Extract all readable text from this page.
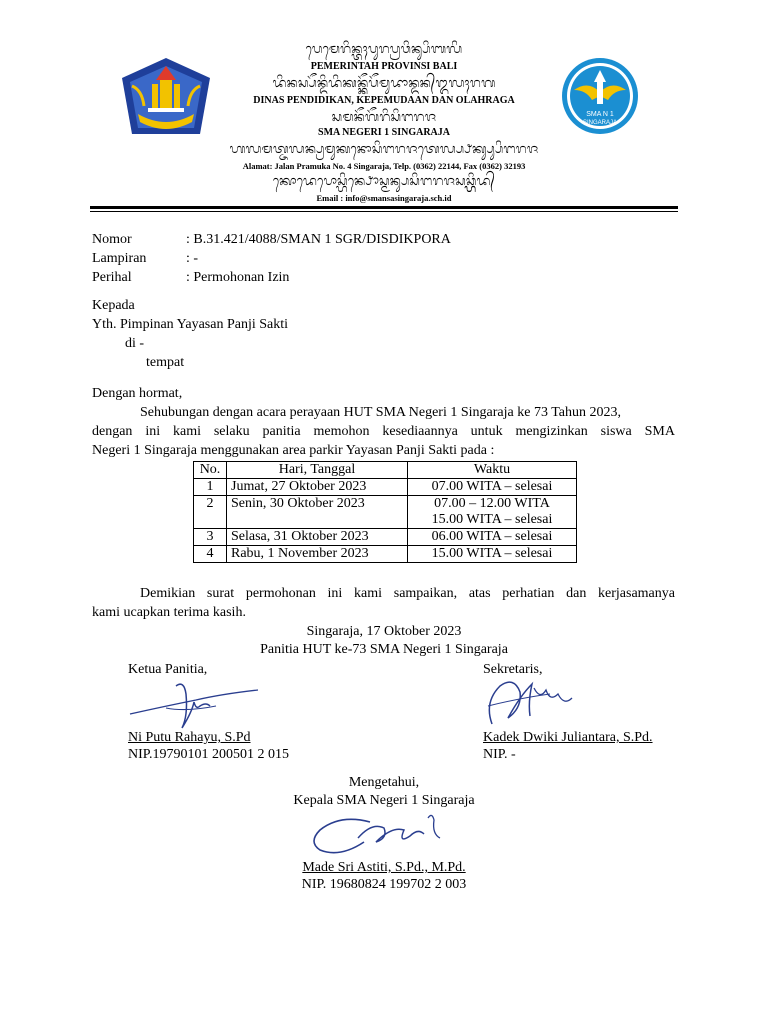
SMA N 1
SINGARAJA
ᬧᬾᬫᬾᬭᬶᬦ᭄ᬢᬄᬧᬸᬭᬧ᭄ᬭᬯᬶᬦ᭄ᬲᬶᬩᬮᬶ
PEMERINTAH PROVINSI BALI
ᬤᬶᬦᬲ᭄ᬧᭂᬦ᭄ᬤᬶᬤᬶᬓᬦ᭄ᬓᭂᬧᭂᬫᬸᬤᬵᬦ᭄ᬤᬦ᭄ᬑᬮᬄᬭᬕ
DINAS PENDIDIKAN, KEPEMUDAAN DAN OLAHRAGA
ᬲᬫᬦᭂᬕᭂᬭᬶᬲᬶᬗᬭᬚ
SMA NEGERI 1 SINGARAJA
ᬳᬮᬫᬢ᭄ᬚᬮᬦ᭄ᬧ᭄ᬭᬫᬸᬓᬦᭀᬲᬶᬗᬭᬚᬢᬾᬮ᭄ᬧ᭄ᬨᬓ᭄ᬲ᭄ᬲᬶᬗᬭᬚ
Alamat: Jalan Pramuka No. 4 Singaraja, Telp. (0362) 22144, Fax (0362) 32193
ᬓᭀᬤᬾᬧᭀᬲ᭄ᬳᬶᬦ᭄ᬨᭀᬲ᭄ᬫᬦ᭄ᬲᬲᬶᬗᬭᬚᬲᬘ᭄ᬳ᭄ᬳᬶᬤ᭄
Email : info@smansasingaraja.sch.id
Nomor	: B.31.421/4088/SMAN 1 SGR/DISDIKPORA
Lampiran	: -
Perihal	: Permohonan Izin
Kepada
Yth. Pimpinan Yayasan Panji Sakti
di -
tempat
Dengan hormat,
Sehubungan dengan acara perayaan HUT SMA Negeri 1 Singaraja ke 73 Tahun 2023,
dengan ini kami selaku panitia memohon kesediaannya untuk mengizinkan siswa SMA
Negeri 1 Singaraja menggunakan area parkir Yayasan Panji Sakti pada :
No.	Hari, Tanggal	Waktu
1	Jumat, 27 Oktober 2023	07.00 WITA – selesai
2	Senin, 30 Oktober 2023	07.00 – 12.00 WITA
15.00 WITA – selesai

3	Selasa, 31 Oktober 2023	06.00 WITA – selesai
4	Rabu, 1 November 2023	15.00 WITA – selesai
Demikian surat permohonan ini kami sampaikan, atas perhatian dan kerjasamanya
kami ucapkan terima kasih.
Singaraja, 17 Oktober 2023
Panitia HUT ke-73 SMA Negeri 1 Singaraja
Ketua Panitia,	Sekretaris,
Ni Putu Rahayu, S.Pd
NIP.19790101 200501 2 015
Kadek Dwiki Juliantara, S.Pd.
NIP. -
Mengetahui,
Kepala SMA Negeri 1 Singaraja
Made Sri Astiti, S.Pd., M.Pd.
NIP. 19680824 199702 2 003
